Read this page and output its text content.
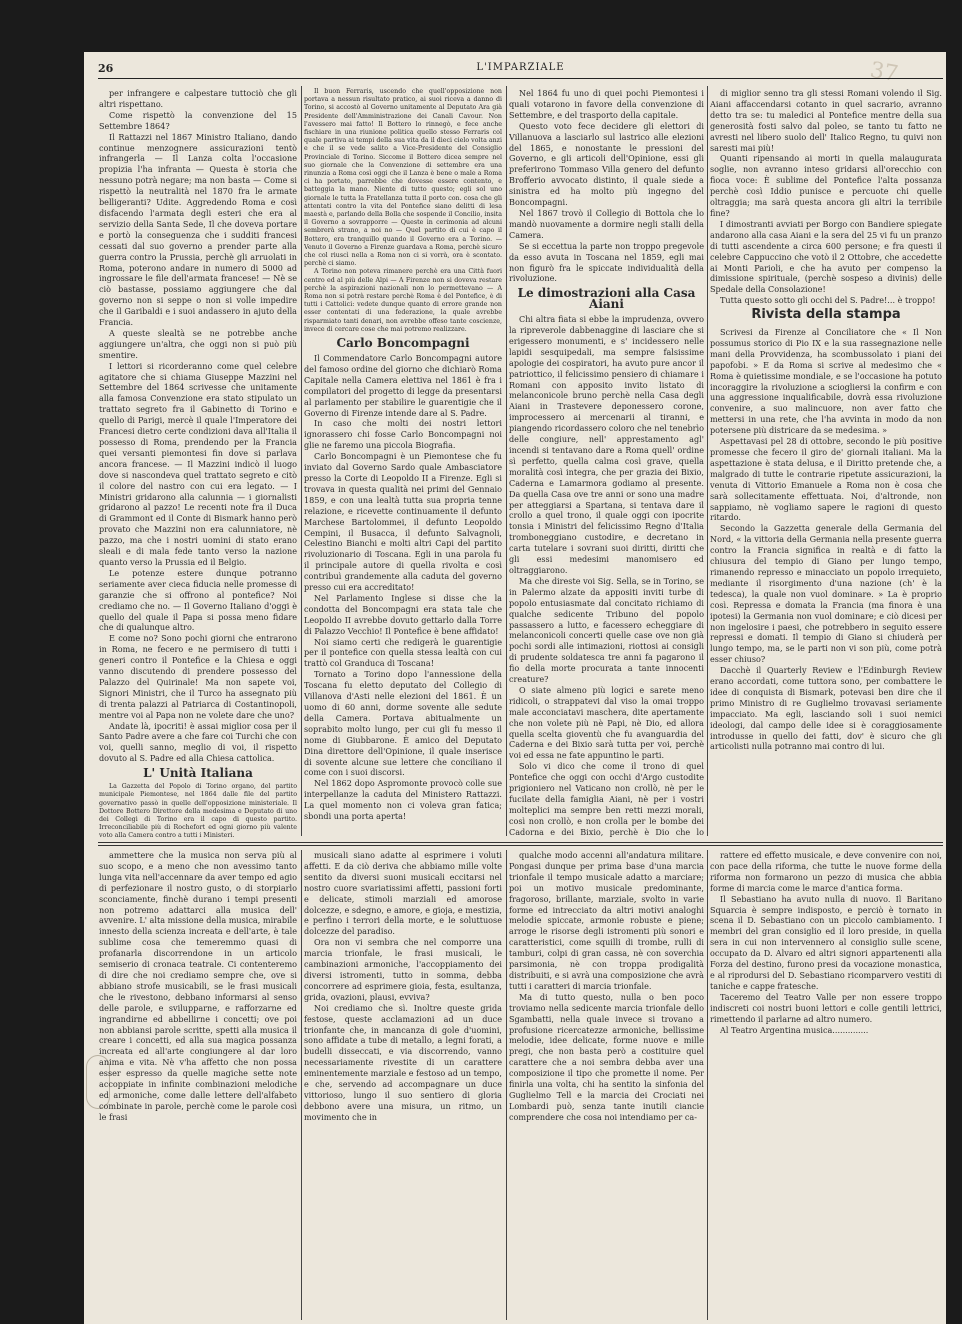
37
26	L'IMPARZIALE

per infrangere e calpestare tuttociò che gli altri rispettano.

Come rispettò la convenzione del 15 Settembre 1864?

Il Rattazzi nel 1867 Ministro Italiano, dando continue menzognere assicurazioni tentò infrangerla — Il Lanza colta l'occasione propizia l'ha infranta — Questa è storia che nessuno potrà negare; ma non basta — Come si rispettò la neutralità nel 1870 fra le armate belligeranti? Udite. Aggredendo Roma e così disfacendo l'armata degli esteri che era al servizio della Santa Sede, Il che doveva portare e portò la conseguenza che i sudditi francesi cessati dal suo governo a prender parte alla guerra contro la Prussia, perchè gli arruolati in Roma, poterono andare in numero di 5000 ad ingrossare le file dell'armata francese! — Nè se ciò bastasse, possiamo aggiungere che dal governo non si seppe o non si volle impedire che il Garibaldi e i suoi andassero in ajuto della Francia.

A queste slealtà se ne potrebbe anche aggiungere un'altra, che oggi non si può più smentire.

I lettori si ricorderanno come quel celebre agitatore che si chiama Giuseppe Mazzini nel Settembre del 1864 scrivesse che unitamente alla famosa Convenzione era stato stipulato un trattato segreto fra il Gabinetto di Torino e quello di Parigi, mercè il quale l'Imperatore dei Francesi dietro certe condizioni dava all'Italia il possesso di Roma, prendendo per la Francia quei versanti piemontesi fin dove si parlava ancora francese. — Il Mazzini indicò il luogo dove si nascondeva quel trattato segreto e citò il colore del nastro con cui era legato. — I Ministri gridarono alla calunnia — i giornalisti gridarono al pazzo! Le recenti note fra il Duca di Grammont ed il Conte di Bismark hanno però provato che Mazzini non era calunniatore, nè pazzo, ma che i nostri uomini di stato erano sleali e di mala fede tanto verso la nazione quanto verso la Prussia ed il Belgio.

Le potenze estere dunque potranno seriamente aver cieca fiducia nelle promesse di garanzie che si offrono al pontefice? Noi crediamo che no. — Il Governo Italiano d'oggi è quello del quale il Papa si possa meno fidare che di qualunque altro.

E come no? Sono pochi giorni che entrarono in Roma, ne fecero e ne permisero di tutti i generi contro il Pontefice e la Chiesa e oggi vanno discutendo di prendere possesso del Palazzo del Quirinale! Ma non sapete voi, Signori Ministri, che il Turco ha assegnato più di trenta palazzi al Patriarca di Costantinopoli, mentre voi al Papa non ne volete dare che uno?

Andate là, ipocriti! è assai miglior cosa per il Santo Padre avere a che fare coi Turchi che con voi, quelli sanno, meglio di voi, il rispetto dovuto al S. Padre ed alla Chiesa cattolica.

L' Unità Italiana

La Gazzetta del Popolo di Torino organo, del partito municipale Piemontese, nel 1864 dalle file del partito governativo passò in quelle dell'opposizione ministeriale. Il Dottore Bottero Direttore della medesima e Deputato di uno dei Collegi di Torino era il capo di questo partito. Irreconciliabile più di Rochefort ed ogni giorno più valente voto alla Camera contro a tutti i Ministeri.

Il buon Ferraris, uscendo che quell'opposizione non portava a nessun risultato pratico, ai suoi riceva a danno di Torino, si accostò al Governo unitamente al Deputato Ara già Presidente dell'Amministrazione dei Canali Cavour. Non l'avessero mai fatto! Il Bottero lo rinnegò, e fece anche fischiare in una riunione politica quello stesso Ferraris col quale partiva ai tempi della sua vita da il dieci cielo volta anzi e che il se vede salito a Vice-Presidente del Consiglio Provinciale di Torino. Siccome il Bottero dicea sempre nel suo giornale che la Convenzione di settembre era una rinunzia a Roma così oggi che il Lanza è bene o male a Roma ci ha portato, parrebbe che dovesse essere contento, e batteggia la mano. Niente di tutto questo; egli sol uno giornale le tutta la Fratellanza tutta il porto con. cosa che gli attentati contro la vita del Pontefice siano delitti di lesa maestà e, parlando della Bolla che sospende il Concilio, insita il Governo a sovrapporre — Queste in cerimonia ad alcuni sembrerà strano, a noi no — Quel partito di cui è capo il Bottero, era tranquillo quando il Governo era a Torino. — Venuto il Governo a Firenze guardava a Roma, perchè sicuro che col riuscì nella a Roma non ci si vorrà, ora è scontato. perchè ci siamo.

A Torino non poteva rimanere perchè era una Città fuori centro ed al più delle Alpi — A Firenze non si doveva restare perchè la aspirazioni nazionali non lo permettevano — A Roma non si potrà restare perchè Roma è del Pontefice, è di tutti i Cattolici: vedete dunque quanto di errore grande non esser contentati di una federazione, la quale avrebbe risparmiato tanti denari, non avrebbe offeso tante coscienze, invece di cercare cose che mai potremo realizzare.

Carlo Boncompagni

Il Commendatore Carlo Boncompagni autore del famoso ordine del giorno che dichiarò Roma Capitale nella Camera elettiva nel 1861 è fra i compilatori del progetto di legge da presentarsi al parlamento per stabilire le guarentigie che il Governo di Firenze intende dare al S. Padre.

In caso che molti dei nostri lettori ignorassero chi fosse Carlo Boncompagni noi glie ne faremo una piccola Biografia.

Carlo Boncompagni è un Piemontese che fu inviato dal Governo Sardo quale Ambasciatore presso la Corte di Leopoldo II a Firenze. Egli si trovava in questa qualità nei primi del Gennaio 1859, e con una lealtà tutta sua propria tenne relazione, e ricevette continuamente il defunto Marchese Bartolommei, il defunto Leopoldo Cempini, il Busacca, il defunto Salvagnoli, Celestino Bianchi e molti altri Capi del partito rivoluzionario di Toscana. Egli in una parola fu il principale autore di quella rivolta e così contribuì grandemente alla caduta del governo presso cui era accreditato!

Nel Parlamento Inglese si disse che la condotta del Boncompagni era stata tale che Leopoldo II avrebbe dovuto gettarlo dalla Torre di Palazzo Vecchio! Il Pontefice è bene affidato!

Noi siamo certi che redigerà le guarentigie per il pontefice con quella stessa lealtà con cui trattò col Granduca di Toscana!

Tornato a Torino dopo l'annessione della Toscana fu eletto deputato del Collegio di Villanova d'Asti nelle elezioni del 1861. È un uomo di 60 anni, dorme sovente alle sedute della Camera. Portava abitualmente un soprabito molto lungo, per cui gli fu messo il nome di Giubbarone. È amico del Deputato Dina direttore dell'Opinione, il quale inserisce di sovente alcune sue lettere che conciliano il come con i suoi discorsi.

Nel 1862 dopo Aspromonte provocò colle sue interpellanze la caduta del Ministero Rattazzi. La quel momento non ci voleva gran fatica; sbondi una porta aperta!

Nel 1864 fu uno di quei pochi Piemontesi i quali votarono in favore della convenzione di Settembre, e del trasporto della capitale.

Questo voto fece decidere gli elettori di Villanuova a lasciarlo sul lastrico alle elezioni del 1865, e nonostante le pressioni del Governo, e gli articoli dell'Opinione, essi gli preferirono Tommaso Villa genero del defunto Brofferio avvocato distinto, il quale siede a sinistra ed ha molto più ingegno del Boncompagni.

Nel 1867 trovò il Collegio di Bottola che lo mandò nuovamente a dormire negli stalli della Camera.

Se si eccettua la parte non troppo pregevole da esso avuta in Toscana nel 1859, egli mai non figurò fra le spiccate individualità della rivoluzione.

Le dimostrazioni alla Casa Aiani

Chi altra fiata si ebbe la imprudenza, ovvero la ripreverole dabbenaggine di lasciare che si erigessero monumenti, e s' incidessero nelle lapidi sesquipedali, ma sempre falsissime apologie dei cospiratori, ha avuto pure ancor il patriottico, il felicissimo pensiero di chiamare i Romani con apposito invito listato di melanconicole bruno perchè nella Casa degli Aiani in Trastevere deponessero corone, improcessero ai mercenarii al tiranni, e piangendo ricordassero coloro che nel tenebrìo delle congiure, nell' apprestamento agl' incendi si tentavano dare a Roma quell' ordine sì perfetto, quella calma così grave, quella moralità così integra, che per grazia dei Bixio, Caderna e Lamarmora godiamo al presente. Da quella Casa ove tre anni or sono una madre per atteggiarsi a Spartana, si tentava dare il crollo a quel trono, il quale oggi con ipocrite tonsia i Ministri del felicissimo Regno d'Italia tromboneggiano custodire, e decretano in carta tutelare i sovrani suoi diritti, diritti che gli essi medesimi manomisero ed oltraggiarono.

Ma che direste voi Sig. Sella, se in Torino, se in Palermo alzate da appositi inviti turbe di popolo entusiasmate dal concitato richiamo di qualche sedicente Tribuno del popolo passassero a lutto, e facessero echeggiare di melanconicoli concerti quelle case ove non già pochi sordi alle intimazioni, riottosi ai consigli di prudente soldatesca tre anni fa pagarono il fio della morte procurata a tante innocenti creature?

O siate almeno più logici e sarete meno ridicoli, o strappatevi dal viso la omai troppo male acconciatavi maschera, dite apertamente che non volete più nè Papi, nè Dio, ed allora quella scelta gioventù che fu avanguardia del Caderna e dei Bixio sarà tutta per voi, perchè voi ed essa ne fate appuntino le parti.

Solo vi dico che come il trono di quel Pontefice che oggi con occhi d'Argo custodite prigioniero nel Vaticano non crollò, nè per le fucilate della famiglia Aiani, nè per i vostri molteplici ma sempre ben retti mezzi morali, così non crollò, e non crolla per le bombe dei Cadorna e dei Bixio, perchè è Dio che lo

di miglior senno tra gli stessi Romani volendo il Sig. Aiani affaccendarsi cotanto in quel sacrario, avranno detto tra se: tu maledici al Pontefice mentre della sua generosità fosti salvo dal poleo, se tanto tu fatto ne avresti nel libero suolo dell' Italico Regno, tu quivi non saresti mai più!

Quanti ripensando ai morti in quella malaugurata soglie, non avranno inteso gridarsi all'orecchio con fioca voce: È sublime del Pontefice l'alta possanza perchè così Iddio punisce e percuote chi quelle oltraggia; ma sarà questa ancora gli altri la terribile fine?

I dimostranti avviati per Borgo con Bandiere spiegate andarono alla casa Aiani e la sera del 25 vi fu un pranzo di tutti ascendente a circa 600 persone; e fra questi il celebre Cappuccino che votò il 2 Ottobre, che accedette ai Monti Parioli, e che ha avuto per compenso la dimissione spirituale, (perchè sospeso a divinis) delle Spedale della Consolazione!

Tutta questo sotto gli occhi del S. Padre!... è troppo!

Rivista della stampa

Scrivesi da Firenze al Conciliatore che « Il Non possumus storico di Pio IX e la sua rassegnazione nelle mani della Provvidenza, ha scombussolato i piani dei papofobi. » E da Roma si scrive al medesimo che « Roma è quietissime mondiale, e se l'occasione ha potuto incoraggire la rivoluzione a sciogliersi la confirm e con una aggressione inqualificabile, dovrà essa rivoluzione convenire, a suo malincuore, non aver fatto che mettersi in una rete, che l'ha avvinta in modo da non potersene più districare da se medesima. »

Aspettavasi pel 28 di ottobre, secondo le più positive promesse che fecero il giro de' giornali italiani. Ma la aspettazione è stata delusa, e il Diritto pretende che, a malgrado di tutte le contrarie ripetute assicurazioni, la venuta di Vittorio Emanuele a Roma non è cosa che sarà sollecitamente effettuata. Noi, d'altronde, non sappiamo, nè vogliamo sapere le ragioni di questo ritardo.

Secondo la Gazzetta generale della Germania del Nord, « la vittoria della Germania nella presente guerra contro la Francia significa in realtà e di fatto la chiusura del tempio di Giano per lungo tempo, rimanendo represso e minacciato un popolo irrequieto, mediante il risorgimento d'una nazione (ch' è la tedesca), la quale non vuol dominare. » La è proprio così. Repressa e domata la Francia (ma finora è una ipotesi) la Germania non vuol dominare; e ciò dicesi per non ingelosire i paesi, che potrebbero in seguito essere repressi e domati. Il tempio di Giano si chiuderà per lungo tempo, ma, se le parti non vi son più, come potrà esser chiuso?

Dacchè il Quarterly Review e l'Edinburgh Review erano accordati, come tuttora sono, per combattere le idee di conquista di Bismark, potevasi ben dire che il primo Ministro di re Guglielmo trovavasi seriamente impacciato. Ma egli, lasciando soli i suoi nemici ideologi, dal campo delle idee si è coraggiosamente introdusse in quello dei fatti, dov' è sicuro che gli articolisti nulla potranno mai contro di lui.

ammettere che la musica non serva più al suo scopo, e a meno che non avessimo tanto lunga vita nell'accennare da aver tempo ed agio di perfezionare il nostro gusto, o di storpiarlo sconciamente, finchè durano i tempi presenti non potremo adattarci alla musica dell' avvenire. L' alta missione della musica, mirabile innesto della scienza increata e dell'arte, è tale sublime cosa che temeremmo quasi di profanarla discorrendone in un articolo semiserio di cronaca teatrale. Ci contenteremo di dire che noi crediamo sempre che, ove si abbiano strofe musicabili, se le frasi musicali che le rivestono, debbano informarsi al senso delle parole, e svilupparne, e rafforzarne ed ingrandirne ed abbellirne i concetti; ove poi non abbiansi parole scritte, spetti alla musica il creare i concetti, ed alla sua magica possanza increata ed all'arte congiungere al dar loro anima e vita. Nè v'ha affetto che non possa esser espresso da quelle magiche sette note accoppiate in infinite combinazioni melodiche ed armoniche, come dalle lettere dell'alfabeto combinate in parole, perchè come le parole così le frasi

musicali siano adatte al esprimere i voluti affetti. E da ciò deriva che abbiamo mille volte sentito da diversi suoni musicali eccitarsi nel nostro cuore svariatissimi affetti, passioni forti e delicate, stimoli marziali ed amorose dolcezze, e sdegno, e amore, e gioja, e mestizia, e perfino i terrori della morte, e le soluttuose dolcezze del paradiso.

Ora non vi sembra che nel comporre una marcia trionfale, le frasi musicali, le cambinazioni armoniche, l'accoppiamento dei diversi istromenti, tutto in somma, debba concorrere ad esprimere gioia, festa, esultanza, grida, ovazioni, plausi, evviva?

Noi crediamo che sì. Inoltre queste grida festose, queste acclamazioni ad un duce trionfante che, in mancanza di gole d'uomini, sono affidate a tube di metallo, a legni forati, a budelli disseccati, e via discorrendo, vanno necessariamente rivestite di un carattere eminentemente marziale e festoso ad un tempo, e che, servendo ad accompagnare un duce vittorioso, lungo il suo sentiero di gloria debbono avere una misura, un ritmo, un movimento che in

qualche modo accenni all'andatura militare. Pongasi dunque per prima base d'una marcia trionfale il tempo musicale adatto a marciare; poi un motivo musicale predominante, fragoroso, brillante, marziale, svolto in varie forme ed intrecciato da altri motivi analoghi melodie spiccate, armonie robuste e piene; arroge le risorse degli istromenti più sonori e caratteristici, come squilli di trombe, rulli di tamburi, colpi di gran cassa, nè con soverchia parsimonia, nè con troppa prodigalità distribuiti, e si avrà una composizione che avrà tutti i caratteri di marcia trionfale.

Ma di tutto questo, nulla o ben poco troviamo nella sedicente marcia trionfale dello Sgambatti, nella quale invece si trovano a profusione ricercatezze armoniche, bellissime melodie, idee delicate, forme nuove e mille pregi, che non basta però a costituire quel carattere che a noi sembra debba aver una composizione il tipo che promette il nome. Per finirla una volta, chi ha sentito la sinfonia del Guglielmo Tell e la marcia dei Crociati nei Lombardi può, senza tante inutili ciancie comprendere che cosa noi intendiamo per ca-

rattere ed effetto musicale, e deve convenire con noi, con pace della riforma, che tutte le nuove forme della riforma non formarono un pezzo di musica che abbia forme di marcia come le marce d'antica forma.

Il Sebastiano ha avuto nulla di nuovo. Il Baritano Squarcia è sempre indisposto, e perciò è tornato in scena il D. Sebastiano con un piccolo cambiamento. I membri del gran consiglio ed il loro preside, in quella sera in cui non intervennero al consiglio sulle scene, occupato da D. Alvaro ed altri signori appartenenti alla Forza del destino, furono presi da vocazione monastica, e al riprodursi del D. Sebastiano ricomparvero vestiti di taniche e cappe fratesche.

Taceremo del Teatro Valle per non essere troppo indiscreti coi nostri buoni lettori e colle gentili lettrici, rimettendo il parlarne ad altro numero.

Al Teatro Argentina musica..............
